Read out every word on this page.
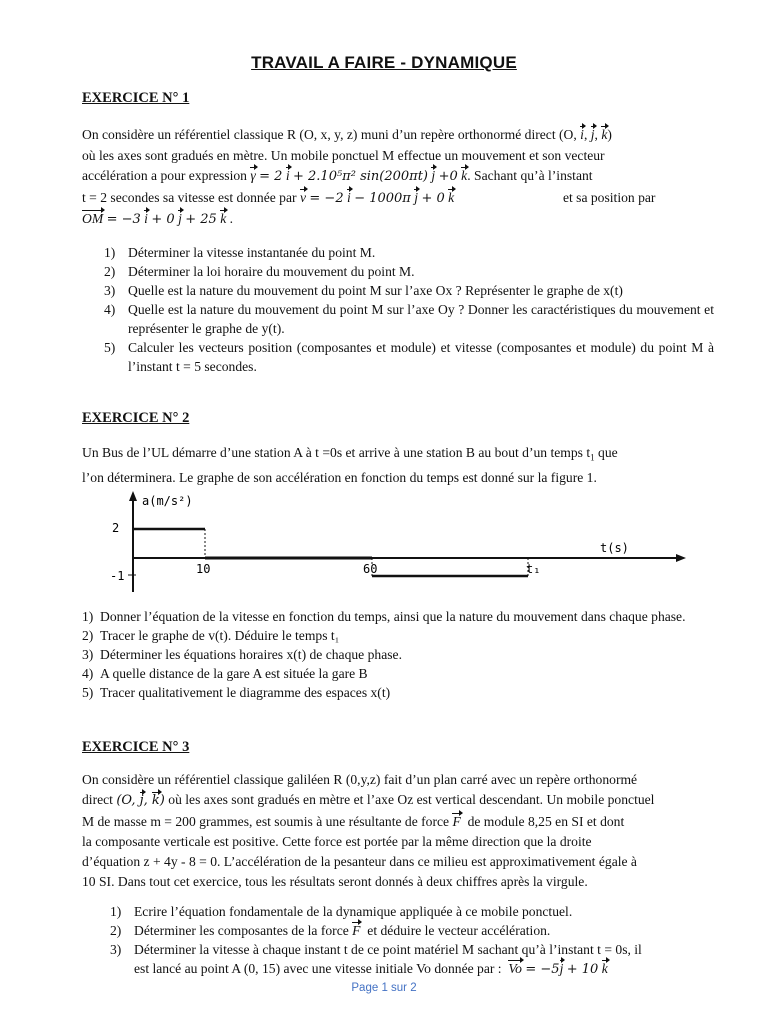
TRAVAIL A FAIRE - DYNAMIQUE
EXERCICE N° 1
On considère un référentiel classique R (O, x, y, z) muni d’un repère orthonormé direct (O, i, j, k)
où les axes sont gradués en mètre. Un mobile ponctuel M effectue un mouvement et son vecteur
accélération a pour expression γ = 2 i + 2.10⁵π² sin(200πt) j +0 k. Sachant qu’à l’instant
t = 2 secondes sa vitesse est donnée par v = −2 i − 1000π j + 0 k	et sa position par
OM = −3 i + 0 j + 25 k .
1) Déterminer la vitesse instantanée du point M.
2) Déterminer la loi horaire du mouvement du point M.
3) Quelle est la nature du mouvement du point M sur l’axe Ox ? Représenter le graphe de x(t)
4) Quelle est la nature du mouvement du point M sur l’axe Oy ? Donner les caractéristiques du mouvement et représenter le graphe de y(t).
5) Calculer les vecteurs position (composantes et module) et vitesse (composantes et module) du point M à l’instant t = 5 secondes.
EXERCICE N° 2
Un Bus de l’UL démarre d’une station A à t =0s et arrive à une station B au bout d’un temps $t_1$ que
l’on déterminera. Le graphe de son accélération en fonction du temps est donné sur la figure 1.
a(m/s²)
t(s)
2
-1	10	60	t₁
1) Donner l’équation de la vitesse en fonction du temps, ainsi que la nature du mouvement dans chaque phase.
2) Tracer le graphe de v(t). Déduire le temps t₁
3) Déterminer les équations horaires x(t) de chaque phase.
4) A quelle distance de la gare A est située la gare B
5) Tracer qualitativement le diagramme des espaces x(t)
EXERCICE N° 3
On considère un référentiel classique galiléen R (0,y,z) fait d’un plan carré avec un repère orthonormé
direct (O, j, k) où les axes sont gradués en mètre et l’axe Oz est vertical descendant. Un mobile ponctuel
M de masse m = 200 grammes, est soumis à une résultante de force F de module 8,25 en SI et dont
la composante verticale est positive. Cette force est portée par la même direction que la droite
d’équation z + 4y - 8 = 0. L’accélération de la pesanteur dans ce milieu est approximativement égale à
10 SI. Dans tout cet exercice, tous les résultats seront donnés à deux chiffres après la virgule.
1) Ecrire l’équation fondamentale de la dynamique appliquée à ce mobile ponctuel.
2) Déterminer les composantes de la force F et déduire le vecteur accélération.
3) Déterminer la vitesse à chaque instant t de ce point matériel M sachant qu’à l’instant t = 0s, il
est lancé au point A (0, 15) avec une vitesse initiale Vo donnée par : Vo = −5j + 10 k
Page 1 sur 2
